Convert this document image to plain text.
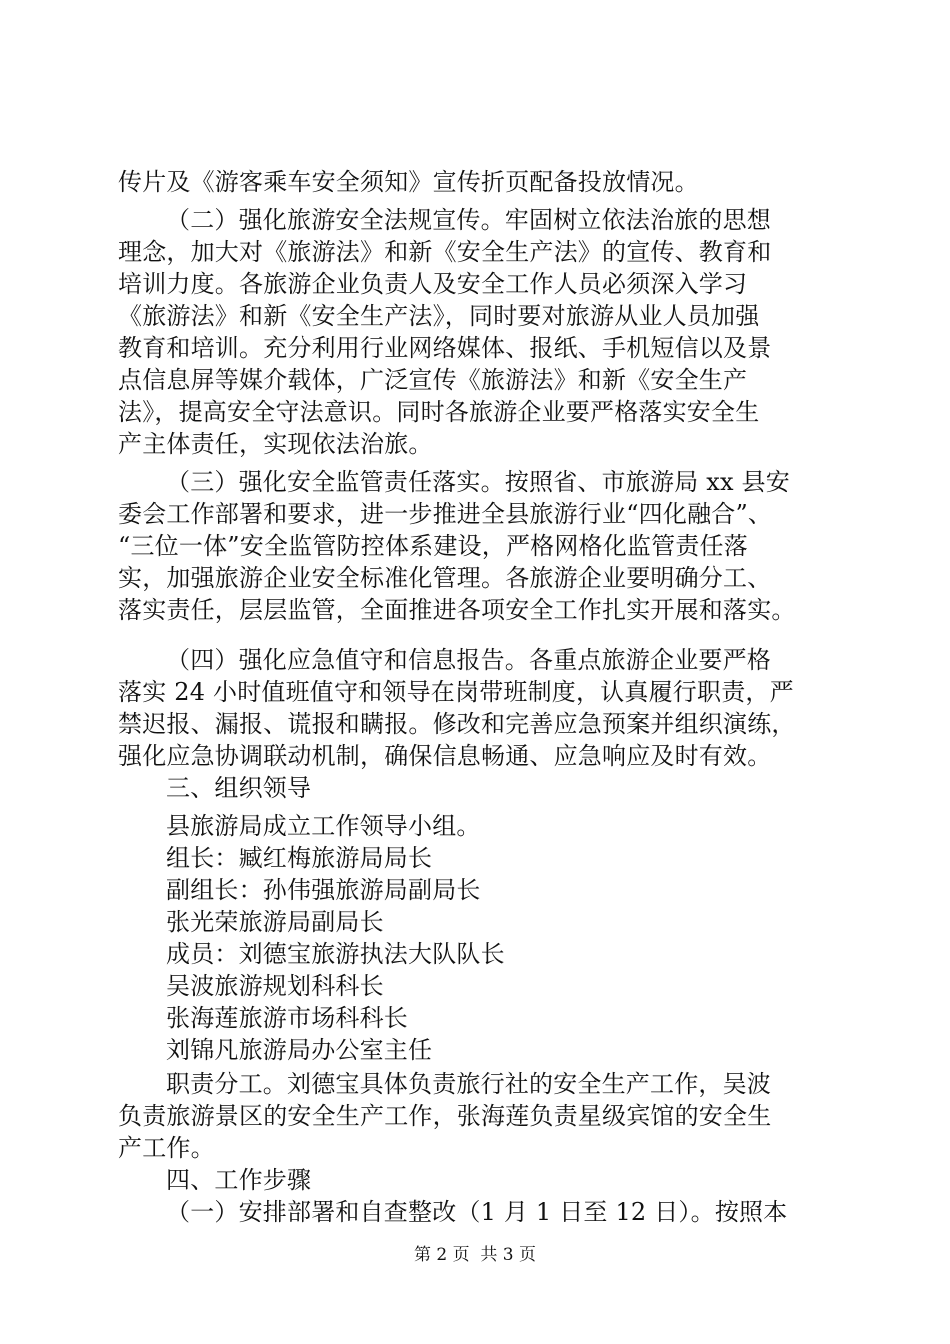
传片及《游客乘车安全须知》宣传折页配备投放情况。
（二）强化旅游安全法规宣传。牢固树立依法治旅的思想
理念，加大对《旅游法》和新《安全生产法》的宣传、教育和
培训力度。各旅游企业负责人及安全工作人员必须深入学习
《旅游法》和新《安全生产法》，同时要对旅游从业人员加强
教育和培训。充分利用行业网络媒体、报纸、手机短信以及景
点信息屏等媒介载体，广泛宣传《旅游法》和新《安全生产
法》，提高安全守法意识。同时各旅游企业要严格落实安全生
产主体责任，实现依法治旅。
（三）强化安全监管责任落实。按照省、市旅游局 xx 县安
委会工作部署和要求，进一步推进全县旅游行业“四化融合”、
“三位一体”安全监管防控体系建设，严格网格化监管责任落
实，加强旅游企业安全标准化管理。各旅游企业要明确分工、
落实责任，层层监管，全面推进各项安全工作扎实开展和落实。
（四）强化应急值守和信息报告。各重点旅游企业要严格
落实 24 小时值班值守和领导在岗带班制度，认真履行职责，严
禁迟报、漏报、谎报和瞒报。修改和完善应急预案并组织演练，
强化应急协调联动机制，确保信息畅通、应急响应及时有效。
三、组织领导
县旅游局成立工作领导小组。
组长：臧红梅旅游局局长
副组长：孙伟强旅游局副局长
张光荣旅游局副局长
成员：刘德宝旅游执法大队队长
吴波旅游规划科科长
张海莲旅游市场科科长
刘锦凡旅游局办公室主任
职责分工。刘德宝具体负责旅行社的安全生产工作，吴波
负责旅游景区的安全生产工作，张海莲负责星级宾馆的安全生
产工作。
四、工作步骤
（一）安排部署和自查整改（1 月 1 日至 12 日）。按照本
第 2 页  共 3 页
